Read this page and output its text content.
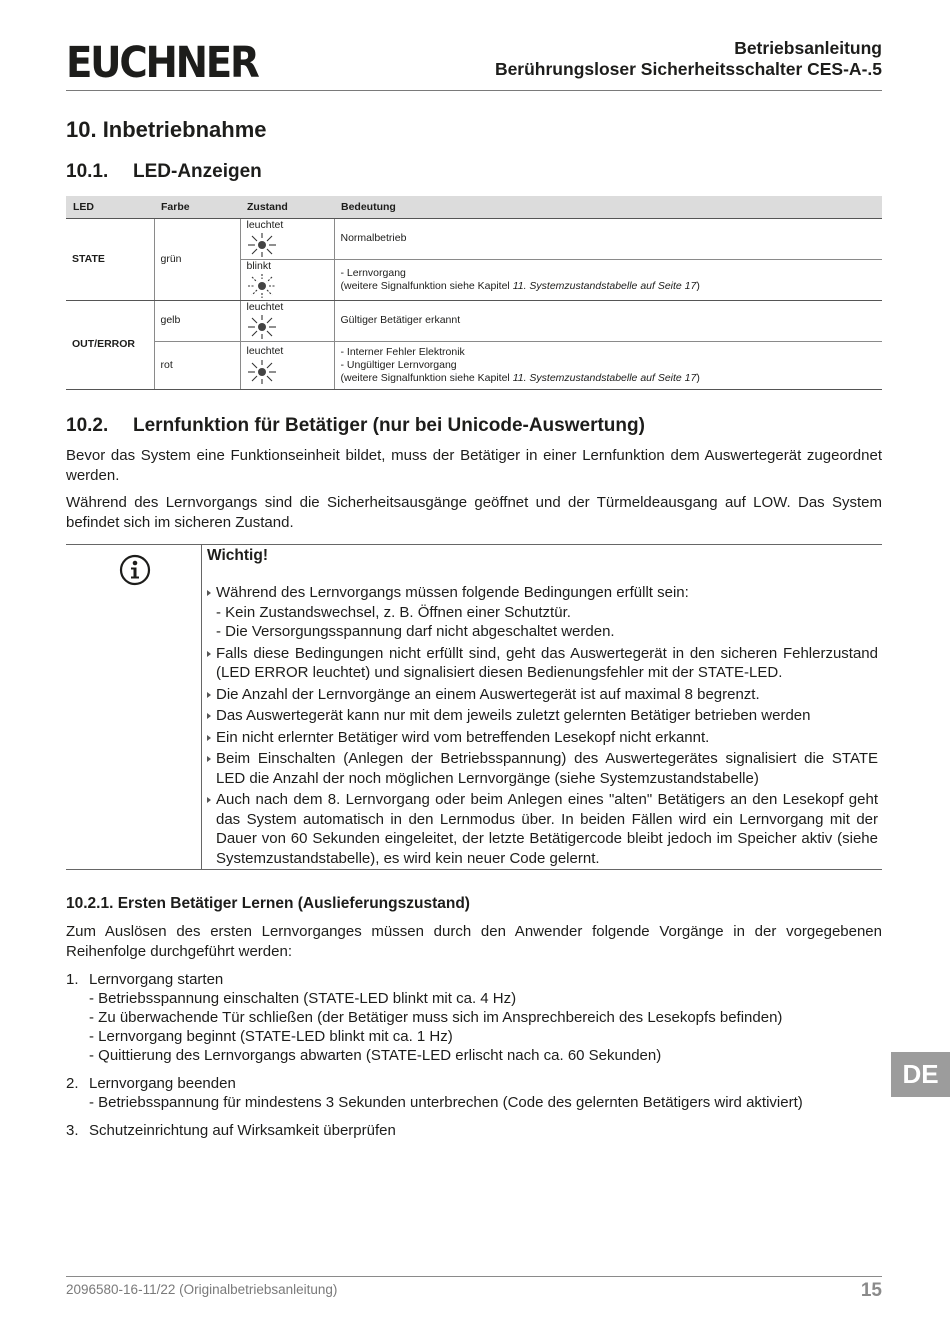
EUCHNER	Betriebsanleitung
Berührungsloser Sicherheitsschalter CES-A-.5
10. Inbetriebnahme
10.1. LED-Anzeigen
LED	Farbe	Zustand	Bedeutung
STATE	grün	leuchtet	Normalbetrieb

		blinkt	- Lernvorgang
(weitere Signalfunktion siehe Kapitel 11. Systemzustandstabelle auf Seite 17)

OUT/ERROR	gelb	leuchtet	Gültiger Betätiger erkannt

	rot	leuchtet	- Interner Fehler Elektronik
- Ungültiger Lernvorgang
(weitere Signalfunktion siehe Kapitel 11. Systemzustandstabelle auf Seite 17)
10.2. Lernfunktion für Betätiger (nur bei Unicode-Auswertung)

Bevor das System eine Funktionseinheit bildet, muss der Betätiger in einer Lernfunktion dem Auswertegerät zugeordnet werden.

Während des Lernvorgangs sind die Sicherheitsausgänge geöffnet und der Türmeldeausgang auf LOW. Das System befindet sich im sicheren Zustand.

Wichtig!
Während des Lernvorgangs müssen folgende Bedingungen erfüllt sein:
- Kein Zustandswechsel, z. B. Öffnen einer Schutztür.
- Die Versorgungsspannung darf nicht abgeschaltet werden.
Falls diese Bedingungen nicht erfüllt sind, geht das Auswertegerät in den sicheren Fehlerzustand (LED ERROR leuchtet) und signalisiert diesen Bedienungsfehler mit der STATE-LED.
Die Anzahl der Lernvorgänge an einem Auswertegerät ist auf maximal 8 begrenzt.
Das Auswertegerät kann nur mit dem jeweils zuletzt gelernten Betätiger betrieben werden
Ein nicht erlernter Betätiger wird vom betreffenden Lesekopf nicht erkannt.
Beim Einschalten (Anlegen der Betriebsspannung) des Auswertegerätes signalisiert die STATE LED die Anzahl der noch möglichen Lernvorgänge (siehe Systemzustandstabelle)
Auch nach dem 8. Lernvorgang oder beim Anlegen eines "alten" Betätigers an den Lesekopf geht das System automatisch in den Lernmodus über. In beiden Fällen wird ein Lernvorgang mit der Dauer von 60 Sekunden eingeleitet, der letzte Betätigercode bleibt jedoch im Speicher aktiv (siehe Systemzustandstabelle), es wird kein neuer Code gelernt.
10.2.1. Ersten Betätiger Lernen (Auslieferungszustand)

Zum Auslösen des ersten Lernvorganges müssen durch den Anwender folgende Vorgänge in der vorgegebenen Reihenfolge durchgeführt werden:

1. Lernvorgang starten
- Betriebsspannung einschalten (STATE-LED blinkt mit ca. 4 Hz)
- Zu überwachende Tür schließen (der Betätiger muss sich im Ansprechbereich des Lesekopfs befinden)
- Lernvorgang beginnt (STATE-LED blinkt mit ca. 1 Hz)
- Quittierung des Lernvorgangs abwarten (STATE-LED erlischt nach ca. 60 Sekunden)
2. Lernvorgang beenden
- Betriebsspannung für mindestens 3 Sekunden unterbrechen (Code des gelernten Betätigers wird aktiviert)
3. Schutzeinrichtung auf Wirksamkeit überprüfen
DE
2096580-16-11/22 (Originalbetriebsanleitung)	15
